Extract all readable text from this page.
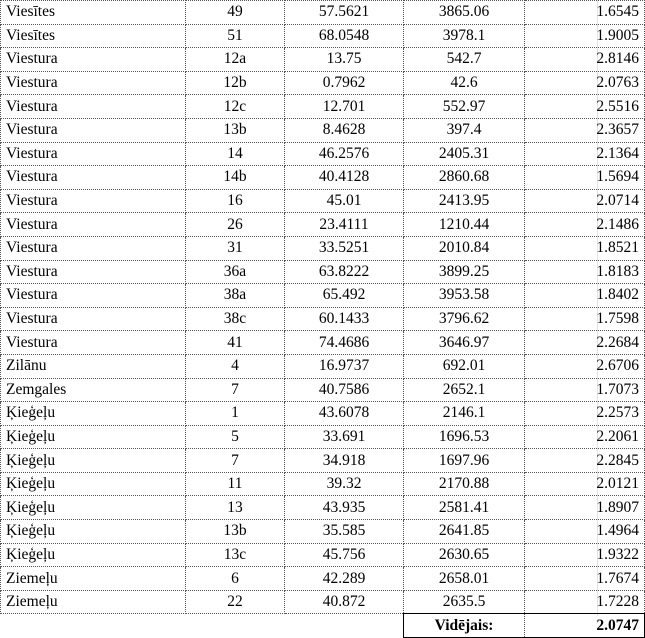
Viesītes	49	57.5621	3865.06	1.6545
Viesītes	51	68.0548	3978.1	1.9005
Viestura	12a	13.75	542.7	2.8146
Viestura	12b	0.7962	42.6	2.0763
Viestura	12c	12.701	552.97	2.5516
Viestura	13b	8.4628	397.4	2.3657
Viestura	14	46.2576	2405.31	2.1364
Viestura	14b	40.4128	2860.68	1.5694
Viestura	16	45.01	2413.95	2.0714
Viestura	26	23.4111	1210.44	2.1486
Viestura	31	33.5251	2010.84	1.8521
Viestura	36a	63.8222	3899.25	1.8183
Viestura	38a	65.492	3953.58	1.8402
Viestura	38c	60.1433	3796.62	1.7598
Viestura	41	74.4686	3646.97	2.2684
Zilānu	4	16.9737	692.01	2.6706
Zemgales	7	40.7586	2652.1	1.7073
Ķieģeļu	1	43.6078	2146.1	2.2573
Ķieģeļu	5	33.691	1696.53	2.2061
Ķieģeļu	7	34.918	1697.96	2.2845
Ķieģeļu	11	39.32	2170.88	2.0121
Ķieģeļu	13	43.935	2581.41	1.8907
Ķieģeļu	13b	35.585	2641.85	1.4964
Ķieģeļu	13c	45.756	2630.65	1.9322
Ziemeļu	6	42.289	2658.01	1.7674
Ziemeļu	22	40.872	2635.5	1.7228
			Vidējais:	2.0747
